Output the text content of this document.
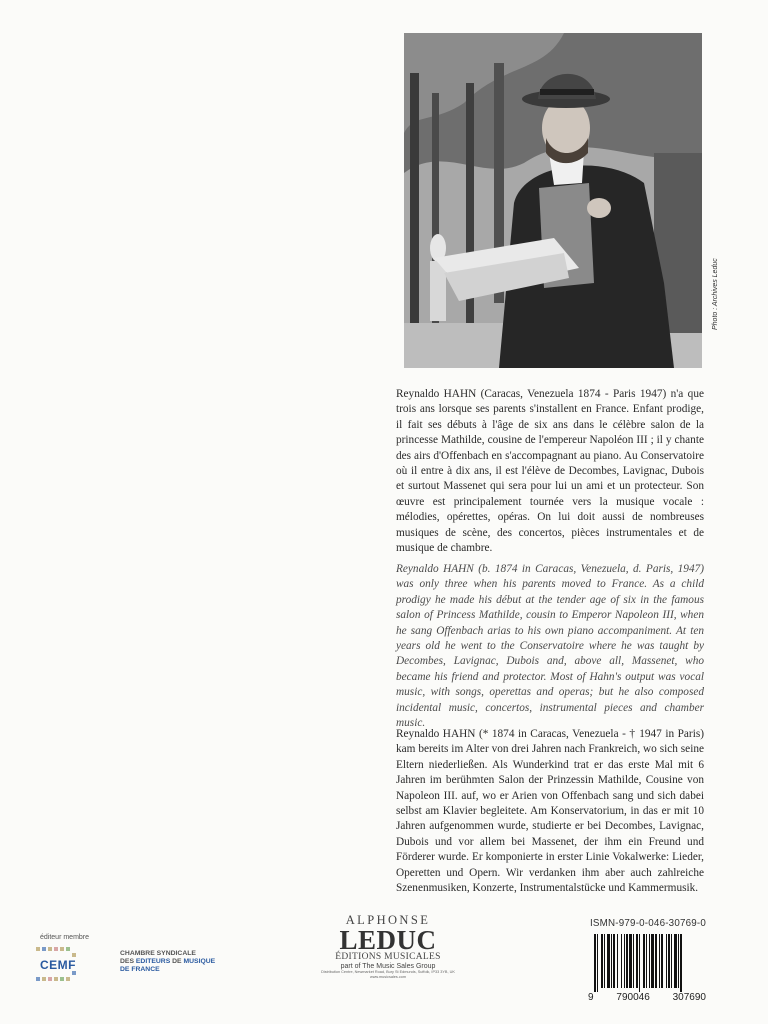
Photo : Archives Leduc

Reynaldo HAHN (Caracas, Venezuela 1874 - Paris 1947) n'a que trois ans lorsque ses parents s'installent en France. Enfant prodige, il fait ses débuts à l'âge de six ans dans le célèbre salon de la princesse Mathilde, cousine de l'empereur Napoléon III ; il y chante des airs d'Offenbach en s'accompagnant au piano. Au Conservatoire où il entre à dix ans, il est l'élève de Decombes, Lavignac, Dubois et surtout Massenet qui sera pour lui un ami et un protecteur. Son œuvre est principalement tournée vers la musique vocale : mélodies, opérettes, opéras. On lui doit aussi de nombreuses musiques de scène, des concertos, pièces instrumentales et de musique de chambre.

Reynaldo HAHN (b. 1874 in Caracas, Venezuela, d. Paris, 1947) was only three when his parents moved to France. As a child prodigy he made his début at the tender age of six in the famous salon of Princess Mathilde, cousin to Emperor Napoleon III, when he sang Offenbach arias to his own piano accompaniment. At ten years old he went to the Conservatoire where he was taught by Decombes, Lavignac, Dubois and, above all, Massenet, who became his friend and protector. Most of Hahn's output was vocal music, with songs, operettas and operas; but he also composed incidental music, concertos, instrumental pieces and chamber music.

Reynaldo HAHN (* 1874 in Caracas, Venezuela - † 1947 in Paris) kam bereits im Alter von drei Jahren nach Frankreich, wo sich seine Eltern niederließen. Als Wunderkind trat er das erste Mal mit 6 Jahren im berühmten Salon der Prinzessin Mathilde, Cousine von Napoleon III. auf, wo er Arien von Offenbach sang und sich dabei selbst am Klavier begleitete. Am Konservatorium, in das er mit 10 Jahren aufgenommen wurde, studierte er bei Decombes, Lavignac, Dubois und vor allem bei Massenet, der ihm ein Freund und Förderer wurde. Er komponierte in erster Linie Vokalwerke: Lieder, Operetten und Opern. Wir verdanken ihm aber auch zahlreiche Szenenmusiken, Konzerte, Instrumentalstücke und Kammermusik.

éditeur membre
CEMF
CHAMBRE SYNDICALE
DES EDITEURS DE MUSIQUE
DE FRANCE
ALPHONSE
LEDUC
ÉDITIONS MUSICALES
part of The Music Sales Group
Distribution Centre, Newmarket Road, Bury St Edmunds, Suffolk, IP33 3YB, UK
www.musicsales.com
ISMN-979-0-046-30769-0
9 790046 307690
